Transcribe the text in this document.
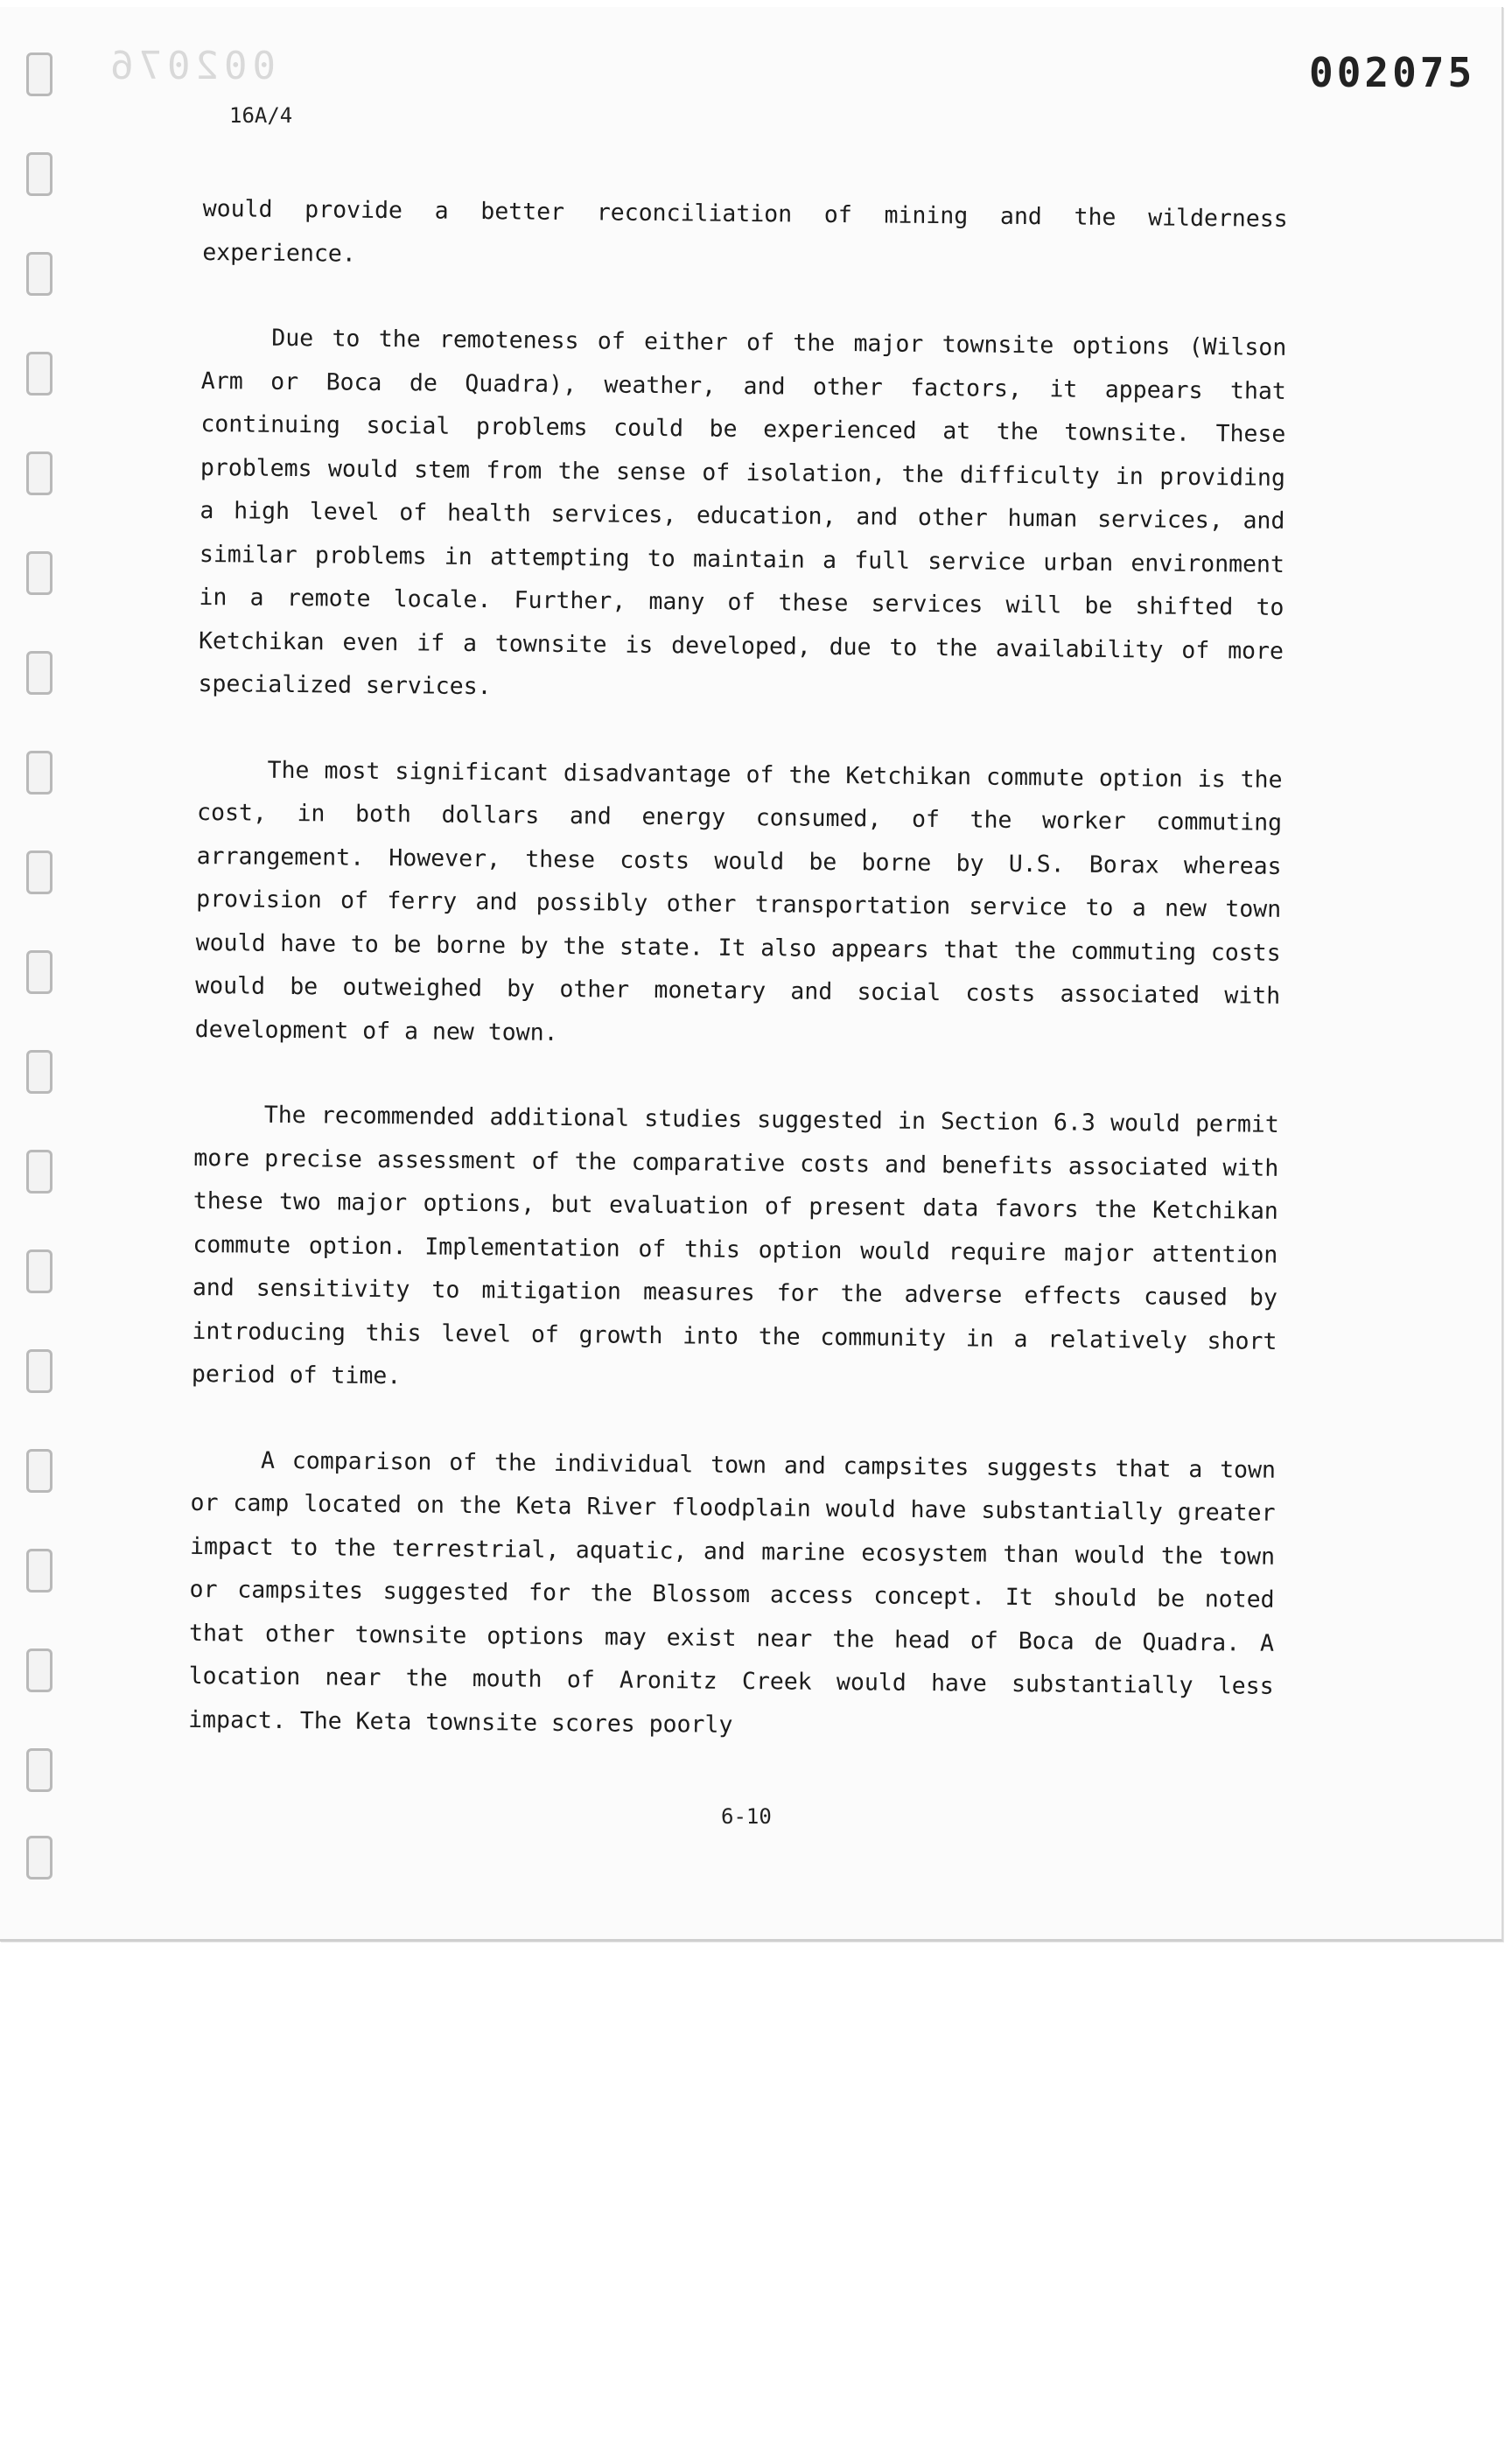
002076	002075
16A/4

would provide a better reconciliation of mining and the wilderness experience.

Due to the remoteness of either of the major townsite options (Wilson Arm or Boca de Quadra), weather, and other factors, it appears that continuing social problems could be experienced at the townsite. These problems would stem from the sense of isolation, the difficulty in providing a high level of health services, education, and other human services, and similar problems in attempting to maintain a full service urban environment in a remote locale. Further, many of these services will be shifted to Ketchikan even if a townsite is developed, due to the availability of more specialized services.

The most significant disadvantage of the Ketchikan commute option is the cost, in both dollars and energy consumed, of the worker commuting arrangement. However, these costs would be borne by U.S. Borax whereas provision of ferry and possibly other transportation service to a new town would have to be borne by the state. It also appears that the commuting costs would be outweighed by other monetary and social costs associated with development of a new town.

The recommended additional studies suggested in Section 6.3 would permit more precise assessment of the comparative costs and benefits associated with these two major options, but evaluation of present data favors the Ketchikan commute option. Implementation of this option would require major attention and sensitivity to mitigation measures for the adverse effects caused by introducing this level of growth into the community in a relatively short period of time.

A comparison of the individual town and campsites suggests that a town or camp located on the Keta River floodplain would have substantially greater impact to the terrestrial, aquatic, and marine ecosystem than would the town or campsites suggested for the Blossom access concept. It should be noted that other townsite options may exist near the head of Boca de Quadra. A location near the mouth of Aronitz Creek would have substantially less impact. The Keta townsite scores poorly

6-10
